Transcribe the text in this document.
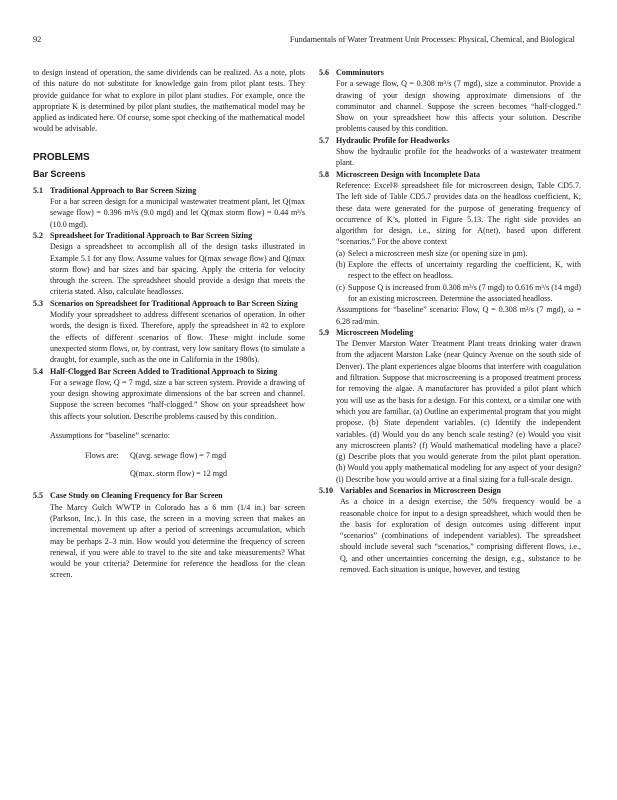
92	Fundamentals of Water Treatment Unit Processes: Physical, Chemical, and Biological

to design instead of operation, the same dividends can be realized. As a note, plots of this nature do not substitute for knowledge gain from pilot plant tests. They provide guidance for what to explore in pilot plant studies. For example, once the appropriate K is determined by pilot plant studies, the mathematical model may be applied as indicated here. Of course, some spot checking of the mathematical model would be advisable.

PROBLEMS
Bar Screens
5.1 Traditional Approach to Bar Screen Sizing

For a bar screen design for a municipal wastewater treatment plant, let Q(max sewage flow) = 0.396 m³/s (9.0 mgd) and let Q(max storm flow) = 0.44 m³/s (10.0 mgd).

5.2 Spreadsheet for Traditional Approach to Bar Screen Sizing

Design a spreadsheet to accomplish all of the design tasks illustrated in Example 5.1 for any flow. Assume values for Q(max sewage flow) and Q(max storm flow) and bar sizes and bar spacing. Apply the criteria for velocity through the screen. The spreadsheet should provide a design that meets the criteria stated. Also, calculate headlosses.

5.3 Scenarios on Spreadsheet for Traditional Approach to Bar Screen Sizing

Modify your spreadsheet to address different scenarios of operation. In other words, the design is fixed. Therefore, apply the spreadsheet in #2 to explore the effects of different scenarios of flow. These might include some unexpected storm flows, or, by contrast, very low sanitary flows (to simulate a draught, for example, such as the one in California in the 1980s).

5.4 Half-Clogged Bar Screen Added to Traditional Approach to Sizing

For a sewage flow, Q = 7 mgd, size a bar screen system. Provide a drawing of your design showing approximate dimensions of the bar screen and channel. Suppose the screen becomes “half-clogged.” Show on your spreadsheet how this affects your solution. Describe problems caused by this condition.

Assumptions for “baseline” scenario:

Flows are: Q(avg. sewage flow) = 7 mgd
Q(max. storm flow) = 12 mgd
5.5 Case Study on Cleaning Frequency for Bar Screen

The Marcy Gulch WWTP in Colorado has a 6 mm (1/4 in.) bar screen (Parkson, Inc.). In this case, the screen in a moving screen that makes an incremental movement up after a period of screenings accumulation, which may be perhaps 2–3 min. How would you determine the frequency of screen renewal, if you were able to travel to the site and take measurements? What would be your criteria? Determine for reference the headloss for the clean screen.

5.6 Comminutors

For a sewage flow, Q = 0.308 m³/s (7 mgd), size a comminutor. Provide a drawing of your design showing approximate dimensions of the comminutor and channel. Suppose the screen becomes “half-clogged.” Show on your spreadsheet how this affects your solution. Describe problems caused by this condition.

5.7 Hydraulic Profile for Headworks

Show the hydraulic profile for the headworks of a wastewater treatment plant.

5.8 Microscreen Design with Incomplete Data

Reference: Excel® spreadsheet file for microscreen design, Table CD5.7. The left side of Table CD5.7 provides data on the headloss coefficient, K; these data were generated for the purpose of generating frequency of occurrence of K’s, plotted in Figure 5.13. The right side provides an algorithm for design, i.e., sizing for A(net), based upon different “scenarios.” For the above context

(a) Select a microscreen mesh size (or opening size in μm).

(b) Explore the effects of uncertainty regarding the coefficient, K, with respect to the effect on headloss.

(c) Suppose Q is increased from 0.308 m³/s (7 mgd) to 0.616 m³/s (14 mgd) for an existing microscreen. Determine the associated headloss.

Assumptions for “baseline” scenario: Flow, Q = 0.308 m³/s (7 mgd), ω = 6.28 rad/min.

5.9 Microscreen Modeling

The Denver Marston Water Treatment Plant treats drinking water drawn from the adjacent Marston Lake (near Quincy Avenue on the south side of Denver). The plant experiences algae blooms that interfere with coagulation and filtration. Suppose that microscreening is a proposed treatment process for removing the algae. A manufacturer has provided a pilot plant which you will use as the basis for a design. For this context, or a similar one with which you are familiar, (a) Outline an experimental program that you might propose. (b) State dependent variables. (c) Identify the independent variables. (d) Would you do any bench scale testing? (e) Would you visit any microscreen plants? (f) Would mathematical modeling have a place? (g) Describe plots that you would generate from the pilot plant operation. (h) Would you apply mathematical modeling for any aspect of your design? (i) Describe how you would arrive at a final sizing for a full-scale design.

5.10 Variables and Scenarios in Microscreen Design

As a choice in a design exercise, the 50% frequency would be a reasonable choice for input to a design spreadsheet, which would then be the basis for exploration of design outcomes using different input “scenarios” (combinations of independent variables). The spreadsheet should include several such “scenarios,” comprising different flows, i.e., Q, and other uncertainties concerning the design, e.g., substance to be removed. Each situation is unique, however, and testing
